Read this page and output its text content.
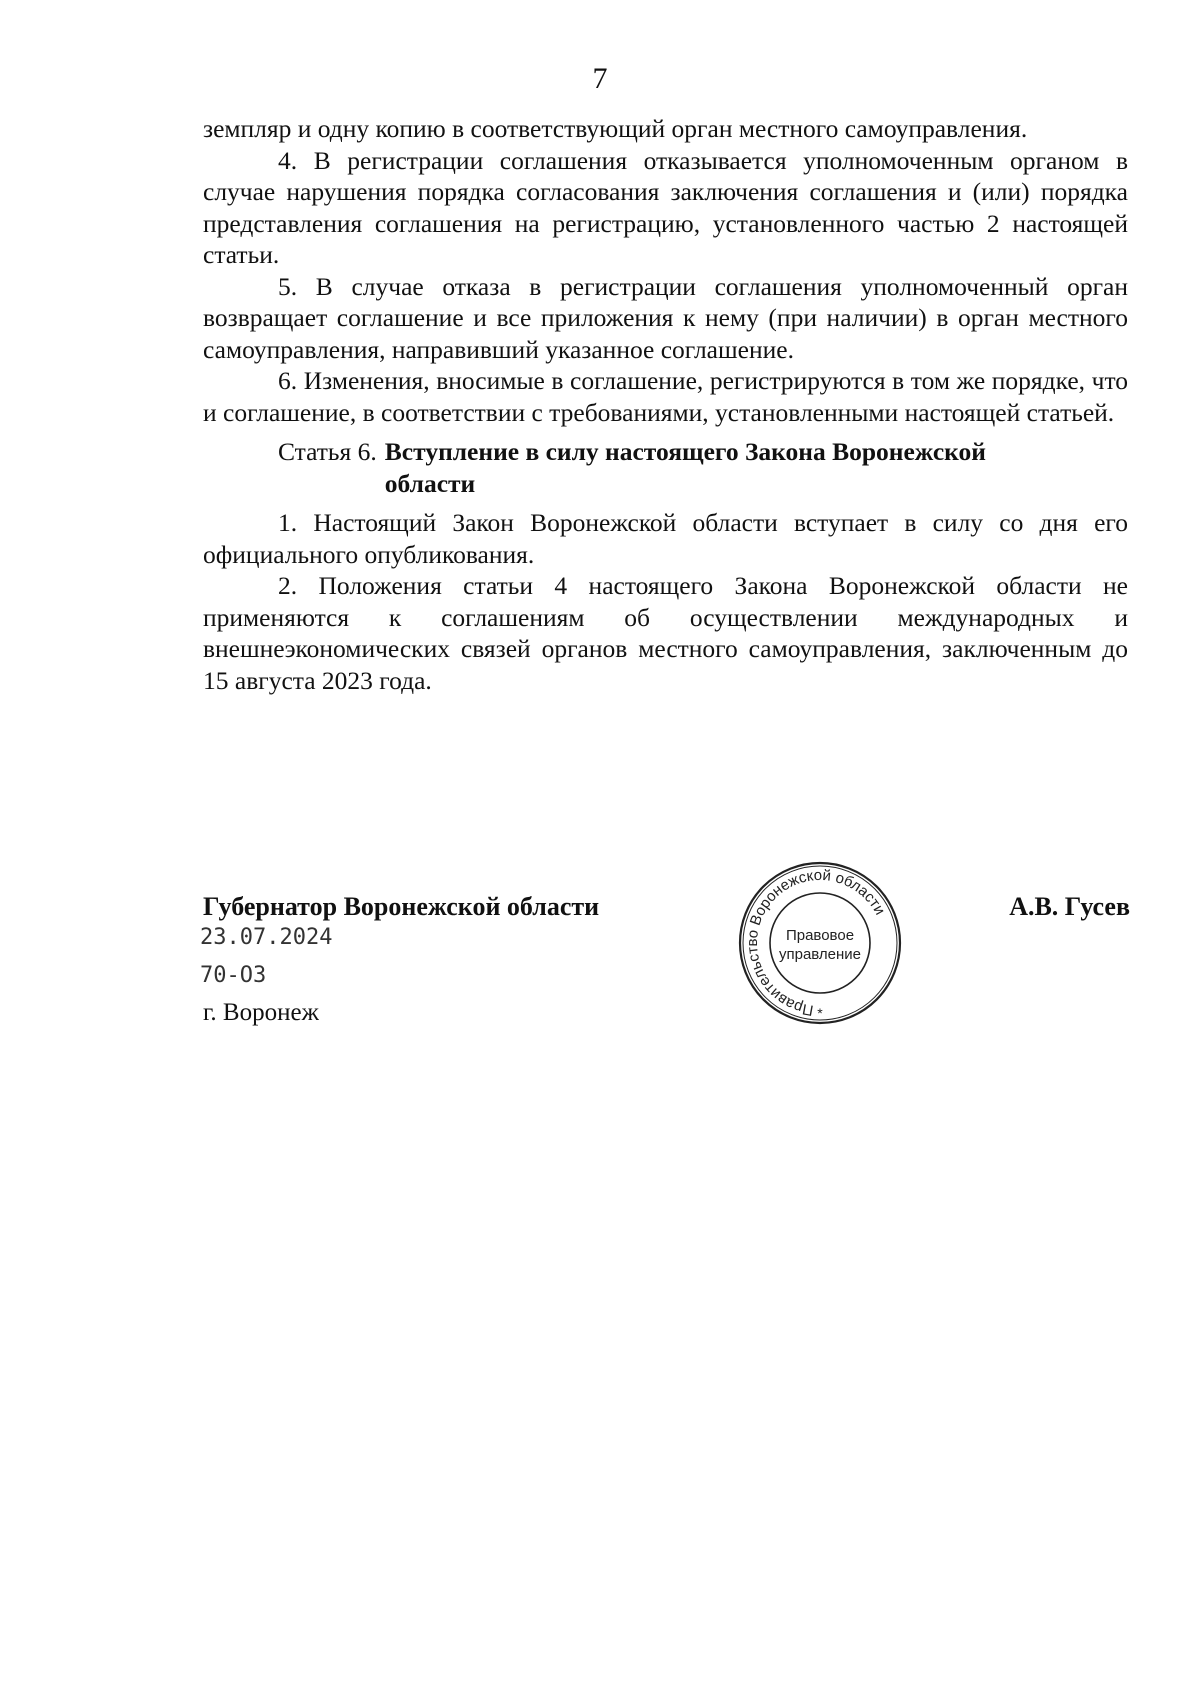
7

земпляр и одну копию в соответствующий орган местного самоуправления.

4. В регистрации соглашения отказывается уполномоченным органом в случае нарушения порядка согласования заключения соглашения и (или) порядка представления соглашения на регистрацию, установленного частью 2 настоящей статьи.

5. В случае отказа в регистрации соглашения уполномоченный орган возвращает соглашение и все приложения к нему (при наличии) в орган местного самоуправления, направивший указанное соглашение.

6. Изменения, вносимые в соглашение, регистрируются в том же порядке, что и соглашение, в соответствии с требованиями, установленными настоящей статьей.

Статья 6. Вступление в силу настоящего Закона Воронежской области

1. Настоящий Закон Воронежской области вступает в силу со дня его официального опубликования.

2. Положения статьи 4 настоящего Закона Воронежской области не применяются к соглашениям об осуществлении международных и внешнеэкономических связей органов местного самоуправления, заключенным до 15 августа 2023 года.

Губернатор Воронежской области
23.07.2024
70-ОЗ
г. Воронеж
А.В. Гусев
Правительство Воронежской области
Правовое
управление
*
